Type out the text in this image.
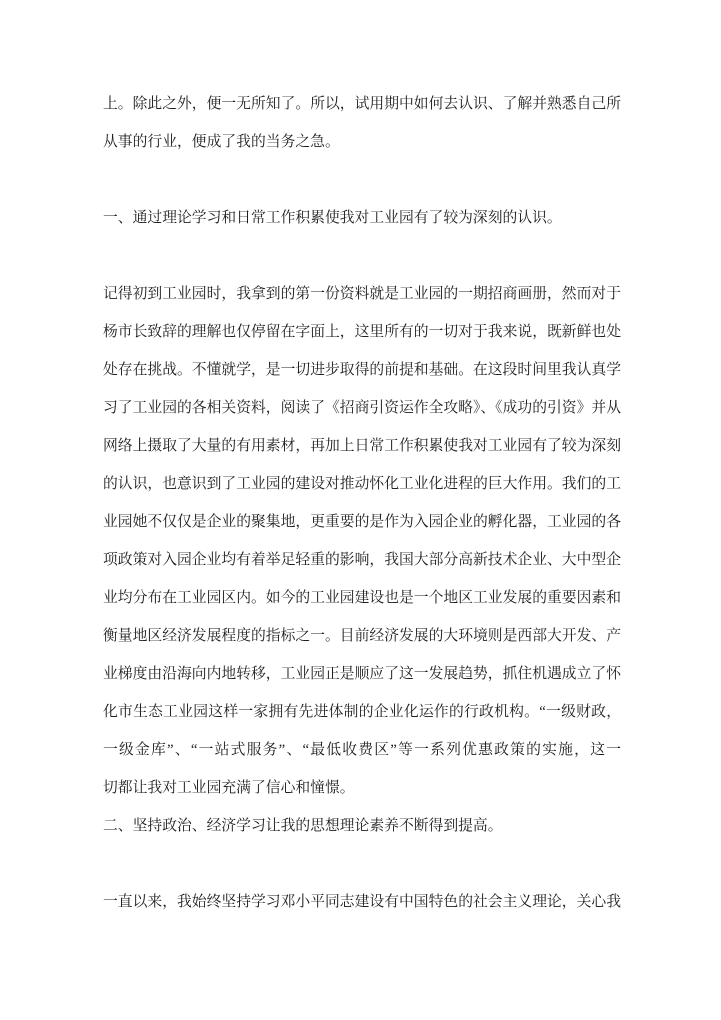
上。除此之外，便一无所知了。所以，试用期中如何去认识、了解并熟悉自己所
从事的行业，便成了我的当务之急。
一、通过理论学习和日常工作积累使我对工业园有了较为深刻的认识。
记得初到工业园时，我拿到的第一份资料就是工业园的一期招商画册，然而对于
杨市长致辞的理解也仅停留在字面上，这里所有的一切对于我来说，既新鲜也处
处存在挑战。不懂就学，是一切进步取得的前提和基础。在这段时间里我认真学
习了工业园的各相关资料，阅读了《招商引资运作全攻略》、《成功的引资》并从
网络上摄取了大量的有用素材，再加上日常工作积累使我对工业园有了较为深刻
的认识，也意识到了工业园的建设对推动怀化工业化进程的巨大作用。我们的工
业园她不仅仅是企业的聚集地，更重要的是作为入园企业的孵化器，工业园的各
项政策对入园企业均有着举足轻重的影响，我国大部分高新技术企业、大中型企
业均分布在工业园区内。如今的工业园建设也是一个地区工业发展的重要因素和
衡量地区经济发展程度的指标之一。目前经济发展的大环境则是西部大开发、产
业梯度由沿海向内地转移，工业园正是顺应了这一发展趋势，抓住机遇成立了怀
化市生态工业园这样一家拥有先进体制的企业化运作的行政机构。“一级财政，
一级金库”、“一站式服务”、“最低收费区”等一系列优惠政策的实施，这一
切都让我对工业园充满了信心和憧憬。
二、坚持政治、经济学习让我的思想理论素养不断得到提高。
一直以来，我始终坚持学习邓小平同志建设有中国特色的社会主义理论，关心我
